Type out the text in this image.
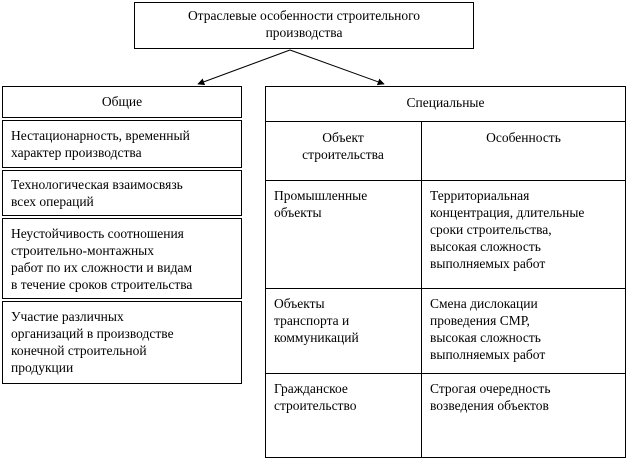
Отраслевые особенности строительного
производства
Общие
Нестационарность, временный
характер производства
Технологическая взаимосвязь
всех операций
Неустойчивость соотношения
строительно-монтажных
работ по их сложности и видам
в течение сроков строительства
Участие различных
организаций в производстве
конечной строительной
продукции
Специальные
Объект
строительства
Особенность
Промышленные
объекты
Территориальная
концентрация, длительные
сроки строительства,
высокая сложность
выполняемых работ
Объекты
транспорта и
коммуникаций
Смена дислокации
проведения СМР,
высокая сложность
выполняемых работ
Гражданское
строительство
Строгая очередность
возведения объектов
